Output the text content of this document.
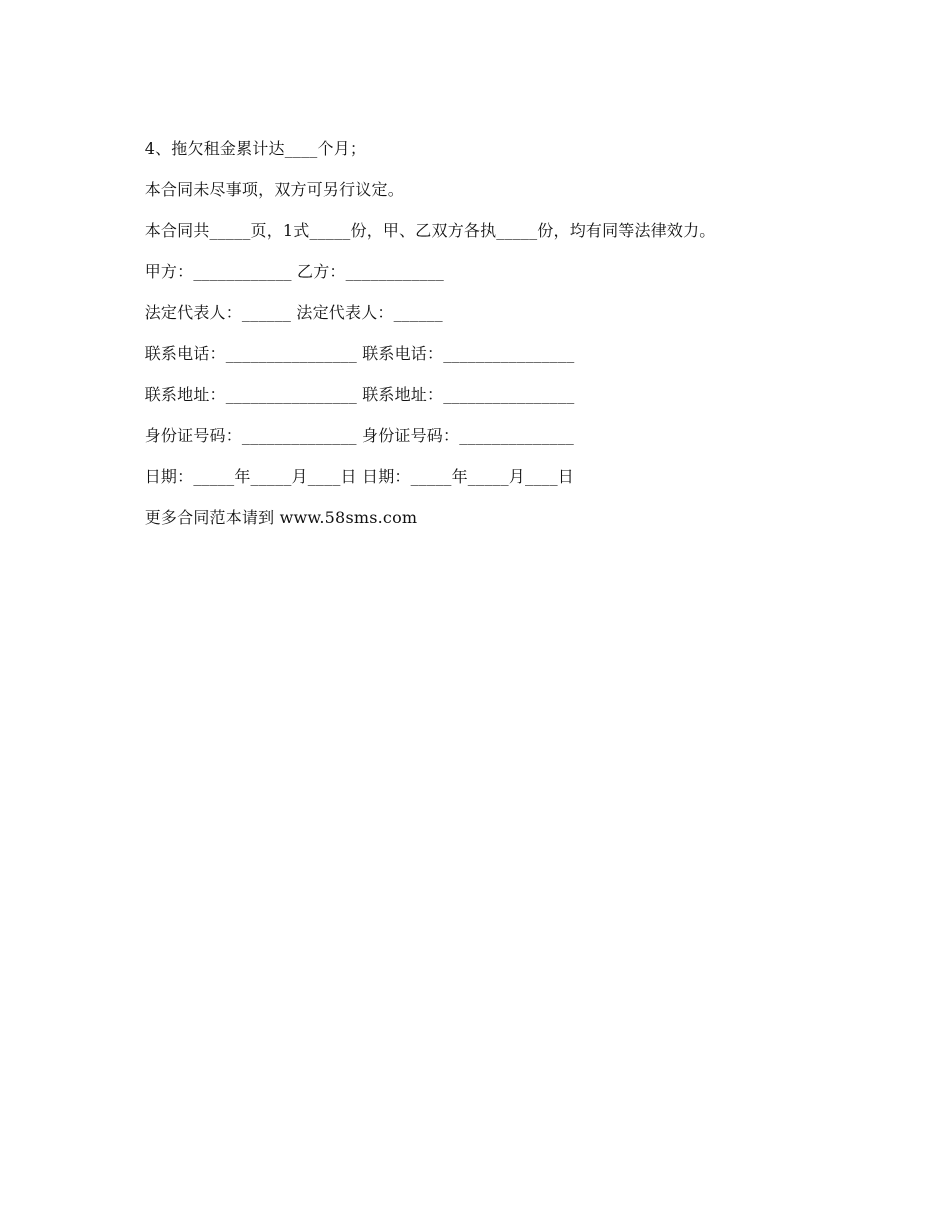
4、拖欠租金累计达____个月；

本合同未尽事项，双方可另行议定。

本合同共_____页，1式_____份，甲、乙双方各执_____份，均有同等法律效力。

甲方：____________ 乙方：____________

法定代表人：______ 法定代表人：______

联系电话：________________ 联系电话：________________

联系地址：________________ 联系地址：________________

身份证号码：______________ 身份证号码：______________

日期：_____年_____月____日 日期：_____年_____月____日

更多合同范本请到 www.58sms.com
